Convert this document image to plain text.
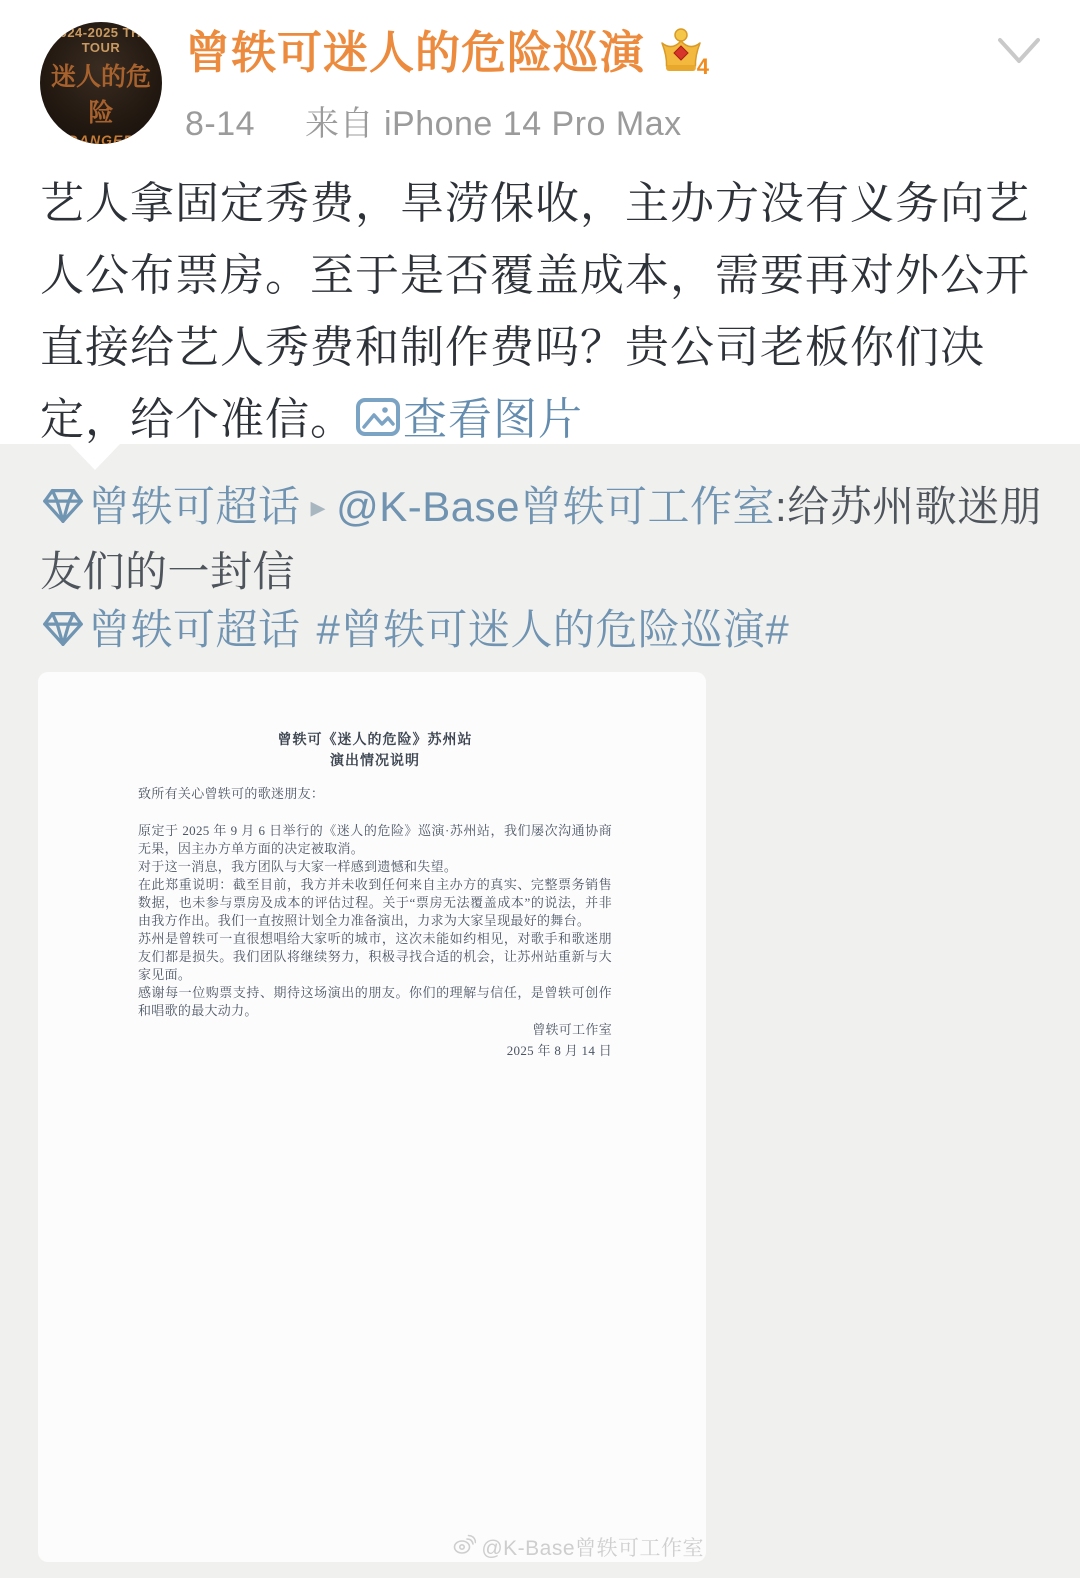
2024-2025 THE TOUR
迷人的危险
DANGER
曾轶可迷人的危险巡演 4
8-14 来自 iPhone 14 Pro Max
艺人拿固定秀费，旱涝保收，主办方没有义务向艺人公布票房。至于是否覆盖成本，需要再对外公开直接给艺人秀费和制作费吗？贵公司老板你们决定，给个准信。 查看图片
曾轶可超话 ▸ @K-Base曾轶可工作室:给苏州歌迷朋友们的一封信
曾轶可超话 #曾轶可迷人的危险巡演#
曾轶可《迷人的危险》苏州站
演出情况说明

致所有关心曾轶可的歌迷朋友：

原定于 2025 年 9 月 6 日举行的《迷人的危险》巡演·苏州站，我们屡次沟通协商无果，因主办方单方面的决定被取消。

对于这一消息，我方团队与大家一样感到遗憾和失望。

在此郑重说明：截至目前，我方并未收到任何来自主办方的真实、完整票务销售数据，也未参与票房及成本的评估过程。关于“票房无法覆盖成本”的说法，并非由我方作出。我们一直按照计划全力准备演出，力求为大家呈现最好的舞台。

苏州是曾轶可一直很想唱给大家听的城市，这次未能如约相见，对歌手和歌迷朋友们都是损失。我们团队将继续努力，积极寻找合适的机会，让苏州站重新与大家见面。

感谢每一位购票支持、期待这场演出的朋友。你们的理解与信任，是曾轶可创作和唱歌的最大动力。

曾轶可工作室
2025 年 8 月 14 日
@K-Base曾轶可工作室
